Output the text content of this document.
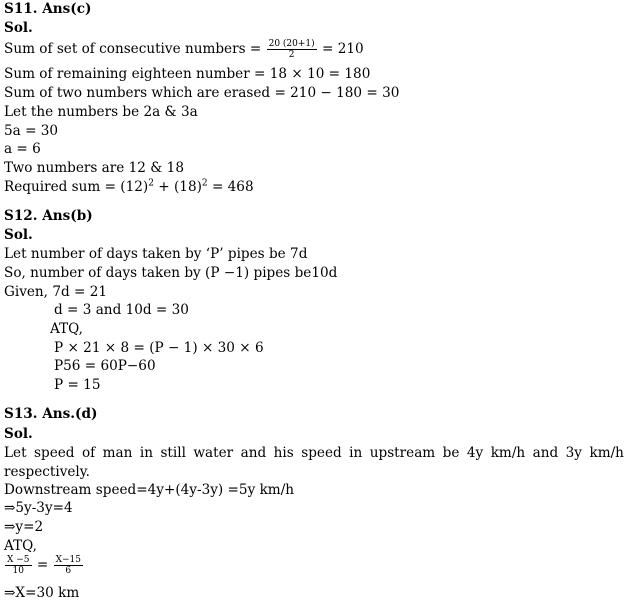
S11. Ans(c)
Sol.
Sum of set of consecutive numbers = $\frac{20 (20+1)}{2} = 210$
Sum of remaining eighteen number = 18 × 10 = 180
Sum of two numbers which are erased = 210 − 180 = 30
Let the numbers be 2a & 3a
5a = 30
a = 6
Two numbers are 12 & 18
Required sum = $(12)^2 + (18)^2 = 468$
S12. Ans(b)
Sol.
Let number of days taken by ‘P’ pipes be 7d
So, number of days taken by (P −1) pipes be10d
Given, 7d = 21
d = 3 and 10d = 30
ATQ,
P × 21 × 8 = (P − 1) × 30 × 6
P56 = 60P−60
P = 15
S13. Ans.(d)
Sol.
Let speed of man in still water and his speed in upstream be 4y km/h and 3y km/h
respectively.
Downstream speed=4y+(4y-3y) =5y km/h
⇒5y-3y=4
⇒y=2
ATQ,
$\frac{X -5}{10} = \frac{X-15}{6}$
⇒X=30 km
